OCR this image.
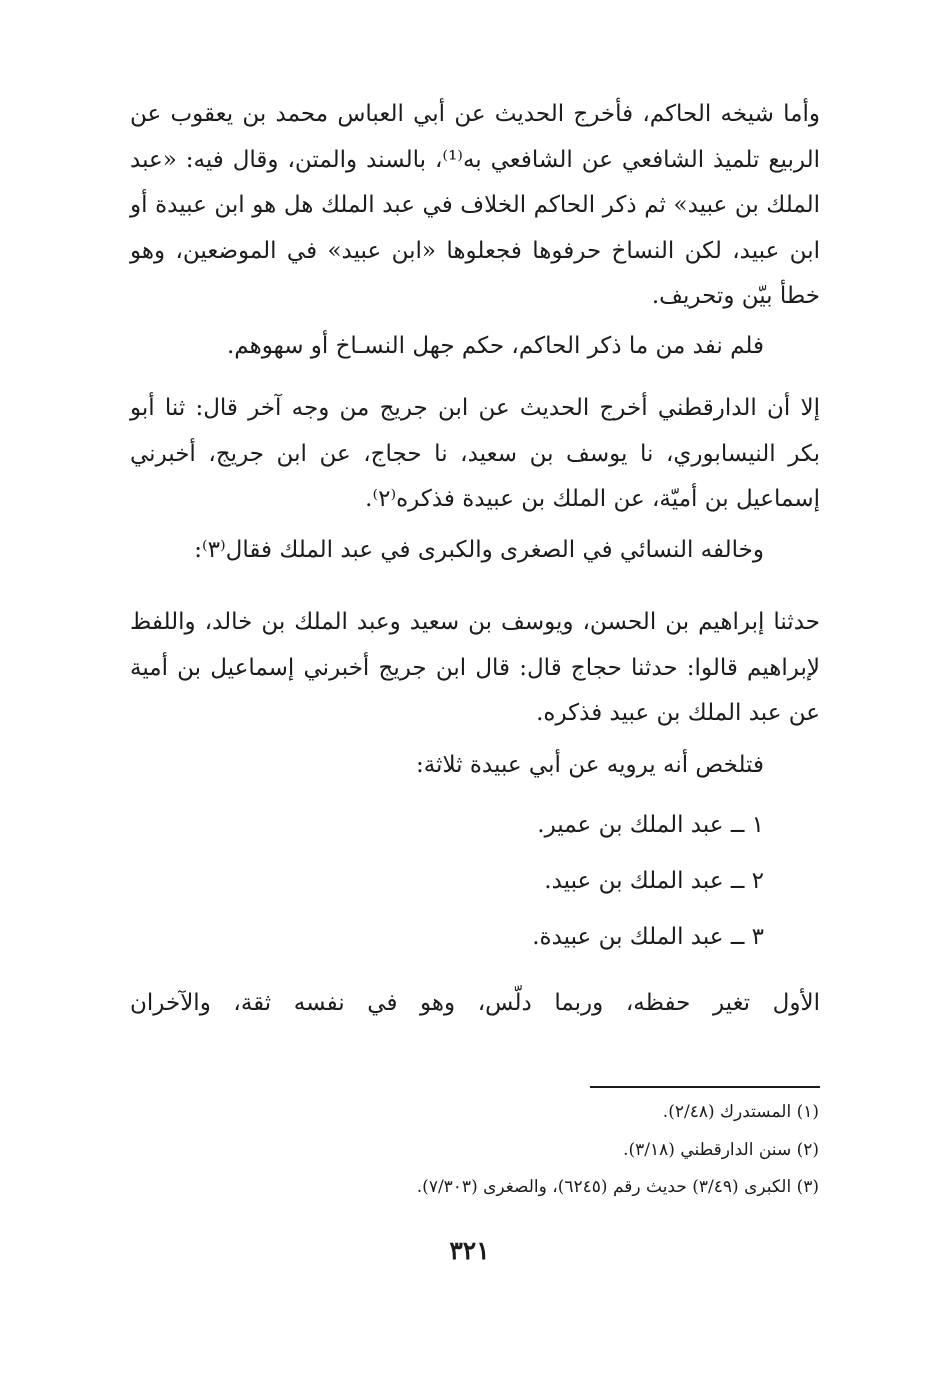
وأما شيخه الحاكم، فأخرج الحديث عن أبي العباس محمد بن يعقوب عن الربيع تلميذ الشافعي عن الشافعي به⁽¹⁾، بالسند والمتن، وقال فيه: «عبد الملك بن عبيد» ثم ذكر الحاكم الخلاف في عبد الملك هل هو ابن عبيدة أو ابن عبيد، لكن النساخ حرفوها فجعلوها «ابن عبيد» في الموضعين، وهو خطأ بيّن وتحريف.
فلم نفد من ما ذكر الحاكم، حكم جهل النسـاخ أو سهوهم.
إلا أن الدارقطني أخرج الحديث عن ابن جريج من وجه آخر قال: ثنا أبو بكر النيسابوري، نا يوسف بن سعيد، نا حجاج، عن ابن جريج، أخبرني إسماعيل بن أميّة، عن الملك بن عبيدة فذكره⁽٢⁾.
وخالفه النسائي في الصغرى والكبرى في عبد الملك فقال⁽٣⁾:
حدثنا إبراهيم بن الحسن، ويوسف بن سعيد وعبد الملك بن خالد، واللفظ لإبراهيم قالوا: حدثنا حجاج قال: قال ابن جريج أخبرني إسماعيل بن أمية عن عبد الملك بن عبيد فذكره.
فتلخص أنه يرويه عن أبي عبيدة ثلاثة:
١ ــ عبد الملك بن عمير.
٢ ــ عبد الملك بن عبيد.
٣ ــ عبد الملك بن عبيدة.
الأول تغير حفظه، وربما دلّس، وهو في نفسه ثقة، والآخران
(١) المستدرك (٢/٤٨).
(٢) سنن الدارقطني (٣/١٨).
(٣) الكبرى (٣/٤٩) حديث رقم (٦٢٤٥)، والصغرى (٧/٣٠٣).
٣٢١
